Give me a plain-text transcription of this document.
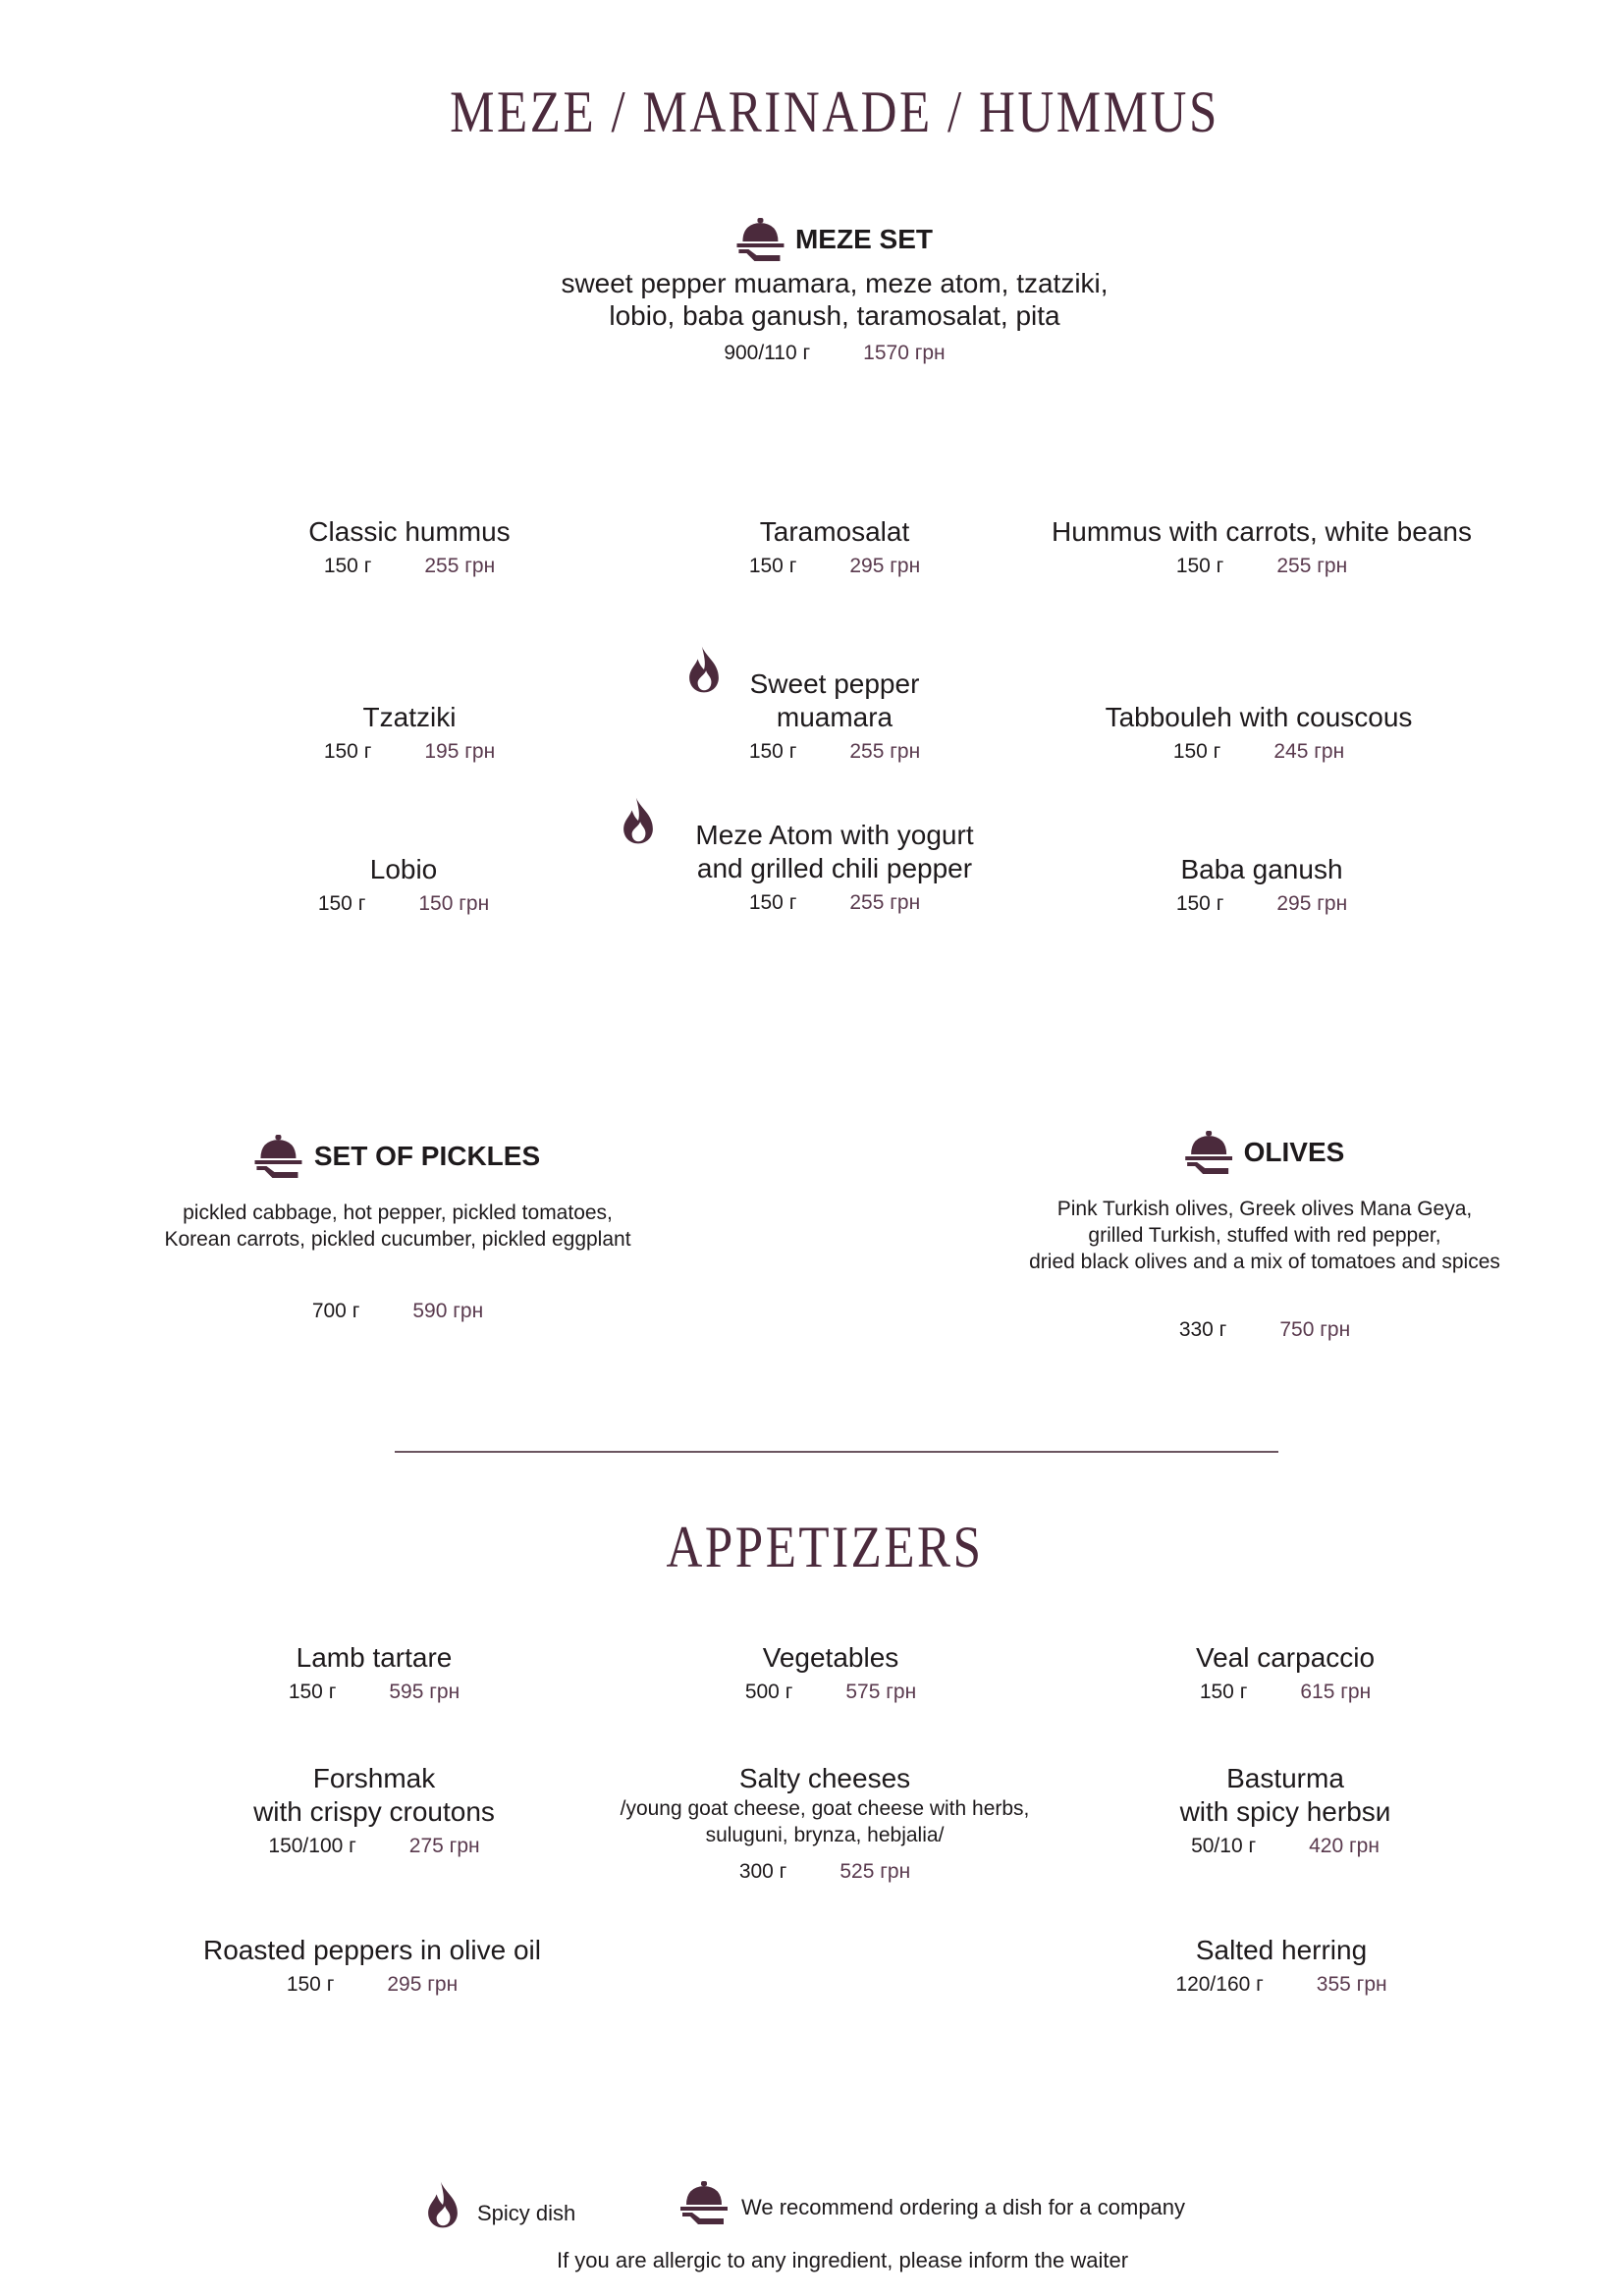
MEZE / MARINADE / HUMMUS
MEZE SET
sweet pepper muamara, meze atom, tzatziki,
lobio, baba ganush, taramosalat, pita
900/110 г	1570 грн
Classic hummus
150 г	255 грн
Taramosalat
150 г	295 грн
Hummus with carrots, white beans
150 г	255 грн
Tzatziki
150 г	195 грн
Sweet pepper
muamara
150 г	255 грн
Tabbouleh with couscous
150 г	245 грн
Lobio
150 г	150 грн
Meze Atom with yogurt
and grilled chili pepper
150 г	255 грн
Baba ganush
150 г	295 грн
SET OF PICKLES
pickled cabbage, hot pepper, pickled tomatoes,
Korean carrots, pickled cucumber, pickled eggplant
700 г	590 грн
OLIVES
Pink Turkish olives, Greek olives Mana Geya,
grilled Turkish, stuffed with red pepper,
dried black olives and a mix of tomatoes and spices
330 г	750 грн
APPETIZERS
Lamb tartare
150 г	595 грн
Vegetables
500 г	575 грн
Veal carpaccio
150 г	615 грн
Forshmak
with crispy croutons
150/100 г	275 грн
Salty cheeses
/young goat cheese, goat cheese with herbs,
suluguni, brynza, hebjalia/
300 г	525 грн
Basturma
with spicy herbsи
50/10 г	420 грн
Roasted peppers in olive oil
150 г	295 грн
Salted herring
120/160 г	355 грн
Spicy dish	We recommend ordering a dish for a company
If you are allergic to any ingredient, please inform the waiter
